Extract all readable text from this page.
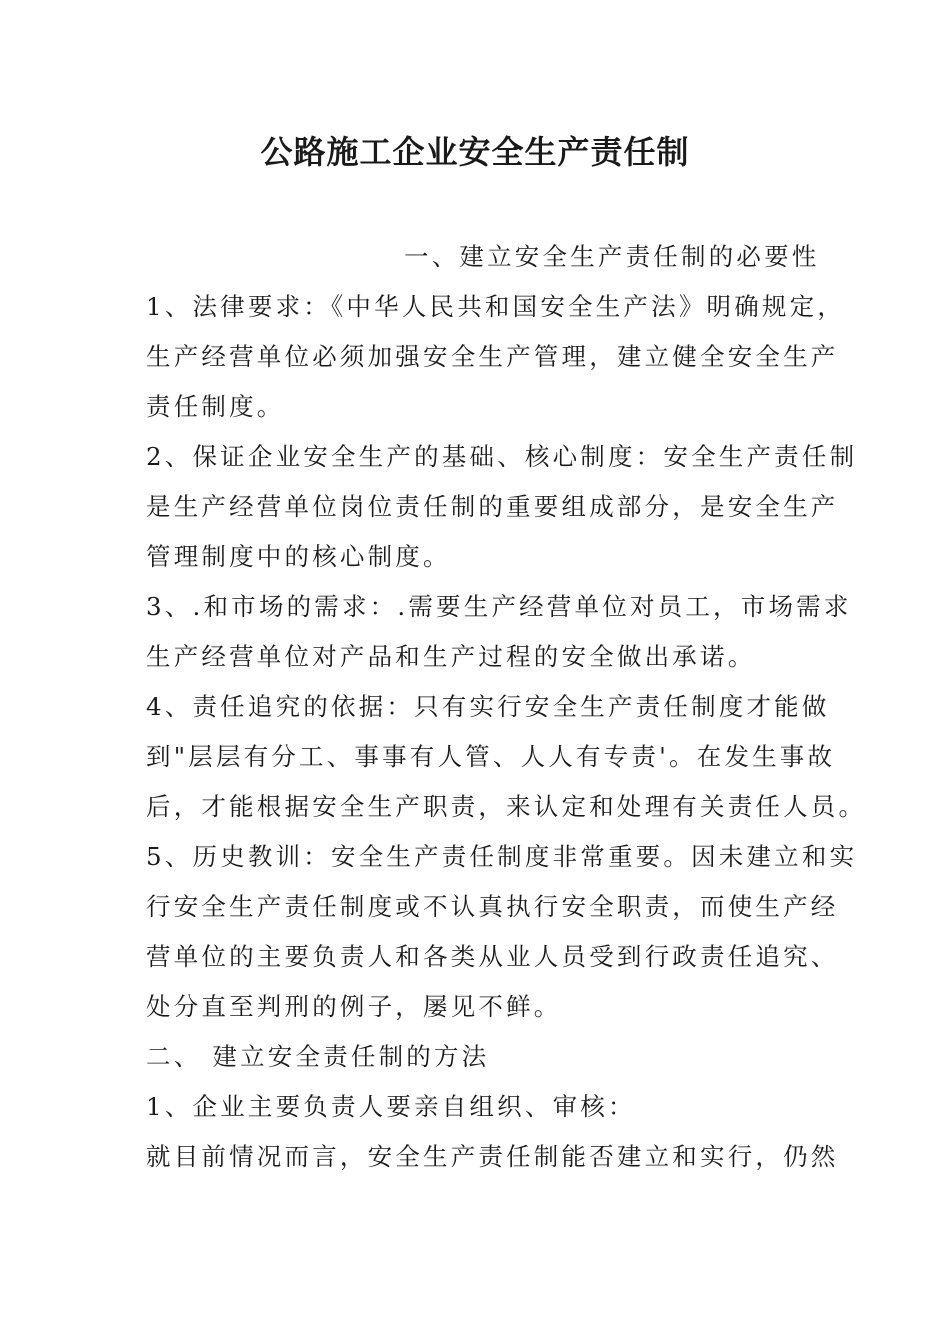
公路施工企业安全生产责任制
一、建立安全生产责任制的必要性
1、法律要求：《中华人民共和国安全生产法》明确规定，
生产经营单位必须加强安全生产管理，建立健全安全生产
责任制度。
2、保证企业安全生产的基础、核心制度：安全生产责任制
是生产经营单位岗位责任制的重要组成部分，是安全生产
管理制度中的核心制度。
3、.和市场的需求：.需要生产经营单位对员工，市场需求
生产经营单位对产品和生产过程的安全做出承诺。
4、责任追究的依据：只有实行安全生产责任制度才能做
到"层层有分工、事事有人管、人人有专责'。在发生事故
后，才能根据安全生产职责，来认定和处理有关责任人员。
5、历史教训：安全生产责任制度非常重要。因未建立和实
行安全生产责任制度或不认真执行安全职责，而使生产经
营单位的主要负责人和各类从业人员受到行政责任追究、
处分直至判刑的例子，屡见不鲜。
二、 建立安全责任制的方法
1、企业主要负责人要亲自组织、审核：
就目前情况而言，安全生产责任制能否建立和实行，仍然
